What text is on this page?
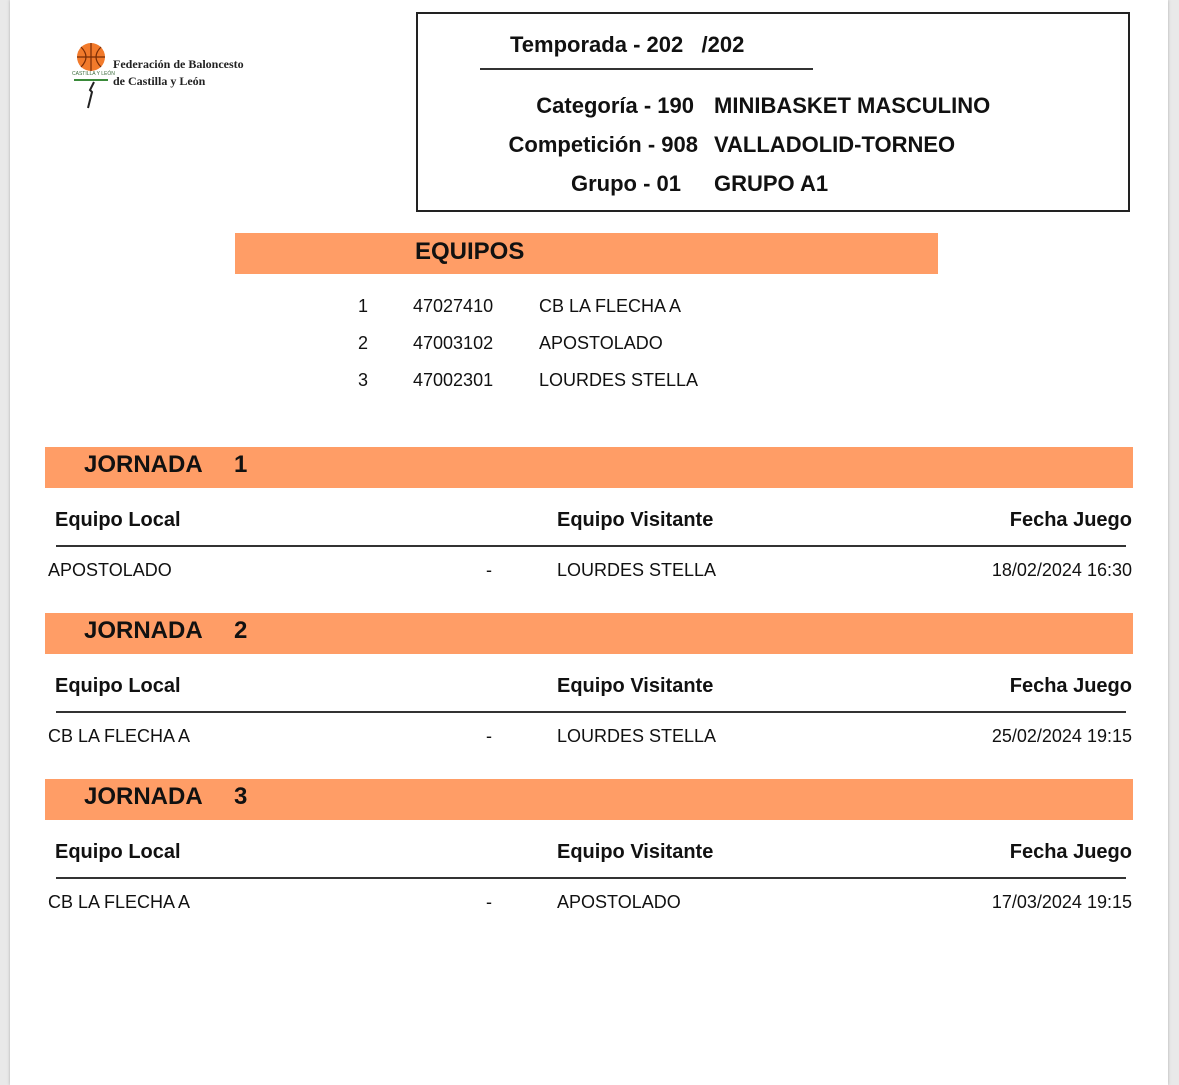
CASTILLA Y LEÓN
Federación de Baloncesto
de Castilla y León
Temporada - 202   /202
Categoría - 190 MINIBASKET MASCULINO
Competición - 908 VALLADOLID-TORNEO
Grupo - 01 GRUPO A1
EQUIPOS
1 47027410	CB LA FLECHA A
2 47003102	APOSTOLADO
3 47002301	LOURDES STELLA
JORNADA 1
Equipo Local	Equipo Visitante	Fecha Juego
APOSTOLADO	-	LOURDES STELLA	18/02/2024 16:30
JORNADA 2
Equipo Local	Equipo Visitante	Fecha Juego
CB LA FLECHA A	-	LOURDES STELLA	25/02/2024 19:15
JORNADA 3
Equipo Local	Equipo Visitante	Fecha Juego
CB LA FLECHA A	-	APOSTOLADO	17/03/2024 19:15
